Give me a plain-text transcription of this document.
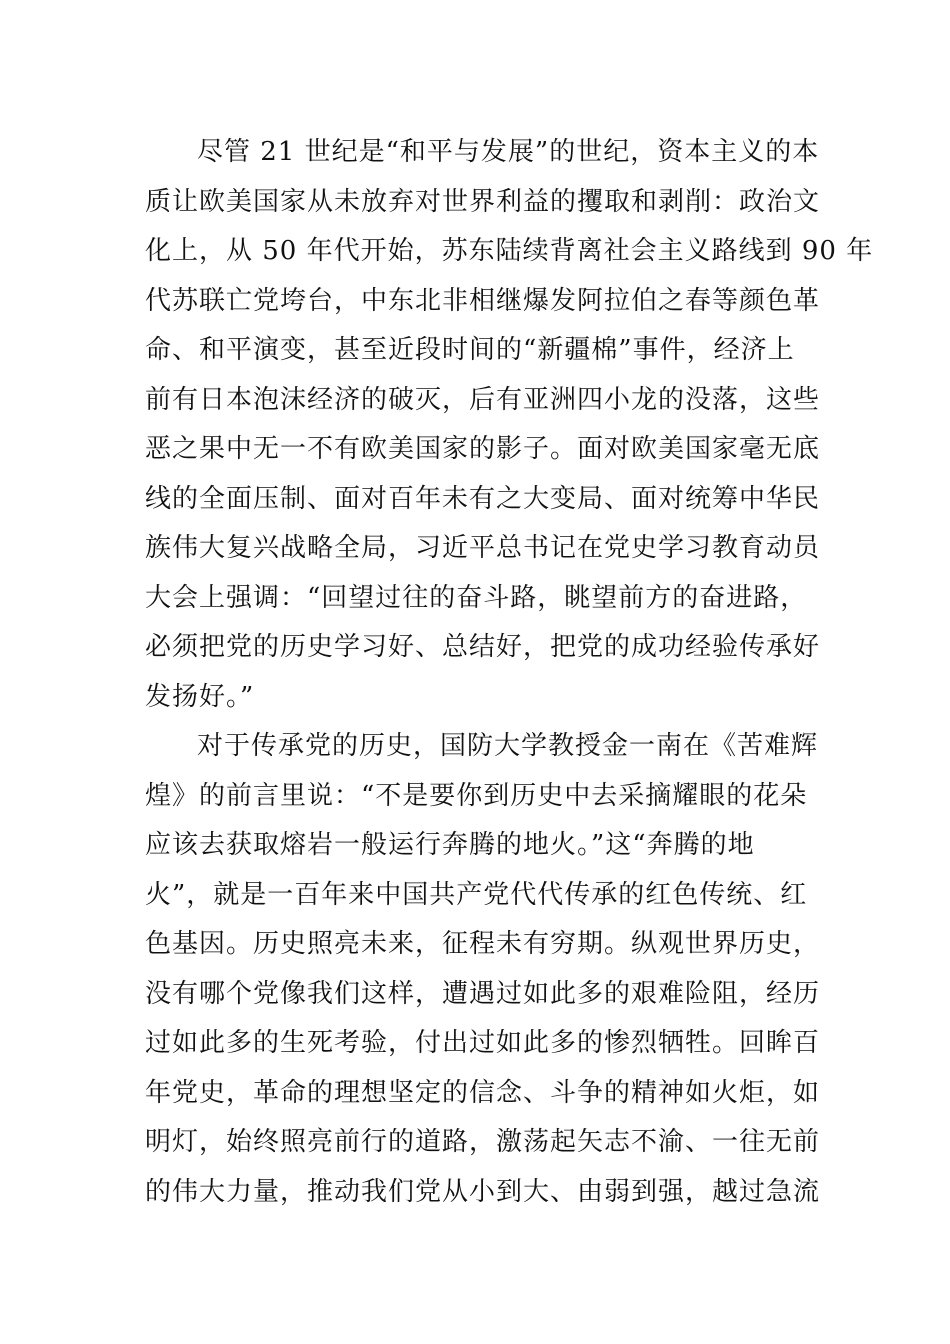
尽管 21 世纪是“和平与发展”的世纪，资本主义的本
质让欧美国家从未放弃对世界利益的攫取和剥削：政治文
化上，从 50 年代开始，苏东陆续背离社会主义路线到 90 年
代苏联亡党垮台，中东北非相继爆发阿拉伯之春等颜色革
命、和平演变，甚至近段时间的“新疆棉”事件，经济上
前有日本泡沫经济的破灭，后有亚洲四小龙的没落，这些
恶之果中无一不有欧美国家的影子。面对欧美国家毫无底
线的全面压制、面对百年未有之大变局、面对统筹中华民
族伟大复兴战略全局，习近平总书记在党史学习教育动员
大会上强调：“回望过往的奋斗路，眺望前方的奋进路，
必须把党的历史学习好、总结好，把党的成功经验传承好
发扬好。”
对于传承党的历史，国防大学教授金一南在《苦难辉
煌》的前言里说：“不是要你到历史中去采摘耀眼的花朵
应该去获取熔岩一般运行奔腾的地火。”这“奔腾的地
火”，就是一百年来中国共产党代代传承的红色传统、红
色基因。历史照亮未来，征程未有穷期。纵观世界历史，
没有哪个党像我们这样，遭遇过如此多的艰难险阻，经历
过如此多的生死考验，付出过如此多的惨烈牺牲。回眸百
年党史，革命的理想坚定的信念、斗争的精神如火炬，如
明灯，始终照亮前行的道路，激荡起矢志不渝、一往无前
的伟大力量，推动我们党从小到大、由弱到强，越过急流
